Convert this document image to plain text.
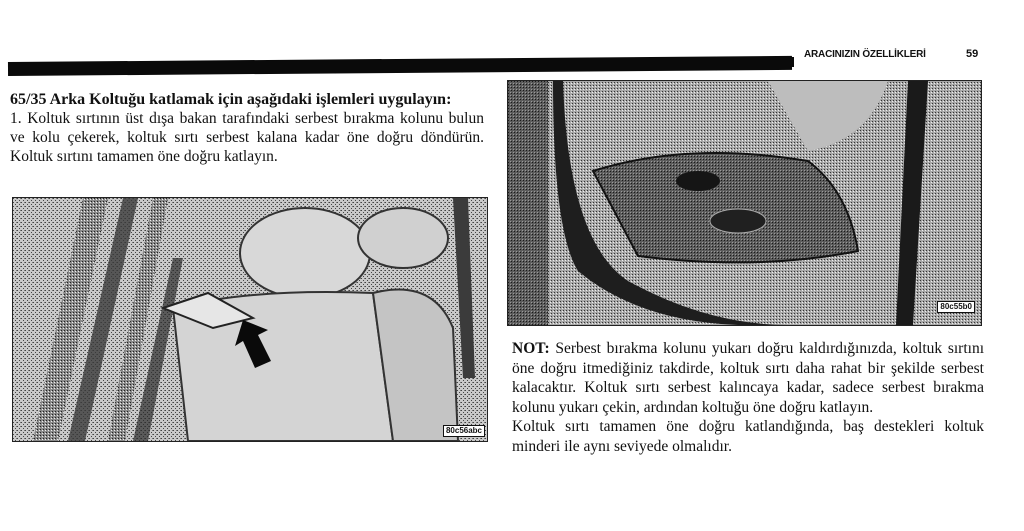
ARACINIZIN ÖZELLİKLERİ	59
65/35 Arka Koltuğu katlamak için aşağıdaki işlemleri uygulayın:
1. Koltuk sırtının üst dışa bakan tarafındaki serbest bırakma kolunu bulun ve kolu çekerek, koltuk sırtı serbest kalana kadar öne doğru döndürün. Koltuk sırtını tamamen öne doğru katlayın.
80c56abc
80c55b0

NOT: Serbest bırakma kolunu yukarı doğru kaldırdığınızda, koltuk sırtını öne doğru itmediğiniz takdirde, koltuk sırtı daha rahat bir şekilde serbest kalacaktır. Koltuk sırtı serbest kalıncaya kadar, sadece serbest bırakma kolunu yukarı çekin, ardından koltuğu öne doğru katlayın.

Koltuk sırtı tamamen öne doğru katlandığında, baş destekleri koltuk minderi ile aynı seviyede olmalıdır.
